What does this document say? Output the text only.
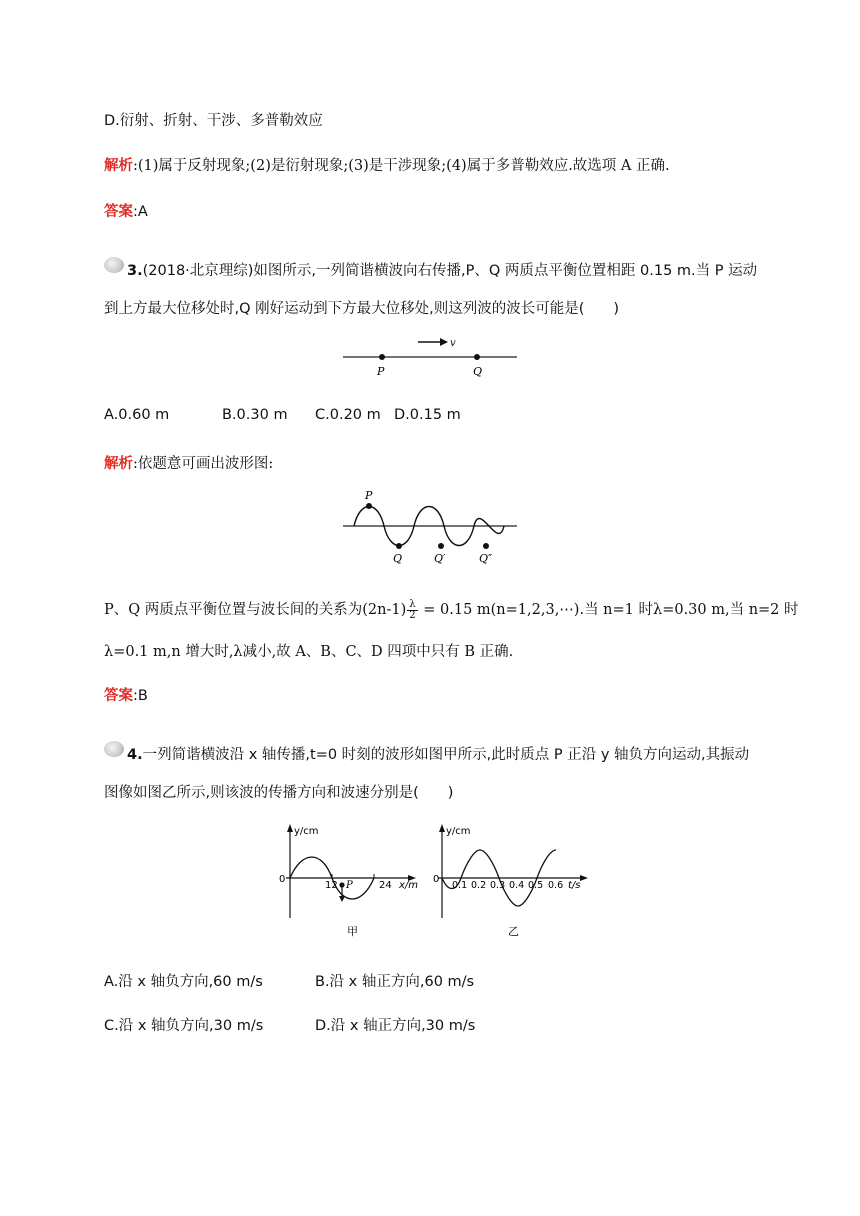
D.衍射、折射、干涉、多普勒效应
解析:(1)属于反射现象;(2)是衍射现象;(3)是干涉现象;(4)属于多普勒效应.故选项 A 正确.
答案:A
3.(2018·北京理综)如图所示,一列简谐横波向右传播,P、Q 两质点平衡位置相距 0.15 m.当 P 运动
到上方最大位移处时,Q 刚好运动到下方最大位移处,则这列波的波长可能是(　　)
v
P	Q
A.0.60 m	B.0.30 m C.0.20 m D.0.15 m
解析:依题意可画出波形图:
P
Q	Q′	Q″
P、Q 两质点平衡位置与波长间的关系为$(2n-1) \frac{\lambda}{2} = 0.15$ m(n=1,2,3,⋯).当 n=1 时λ=0.30 m,当 n=2 时
λ=0.1 m,n 增大时,λ减小,故 A、B、C、D 四项中只有 B 正确.
答案:B
4.一列简谐横波沿 x 轴传播,t=0 时刻的波形如图甲所示,此时质点 P 正沿 y 轴负方向运动,其振动
图像如图乙所示,则该波的传播方向和波速分别是(　　)
y/cm
x/m
0
12	24
P
甲
y/cm
t/s
0
0.1 0.2 0.3 0.4 0.5 0.6
乙
A.沿 x 轴负方向,60 m/s	B.沿 x 轴正方向,60 m/s
C.沿 x 轴负方向,30 m/s	D.沿 x 轴正方向,30 m/s
